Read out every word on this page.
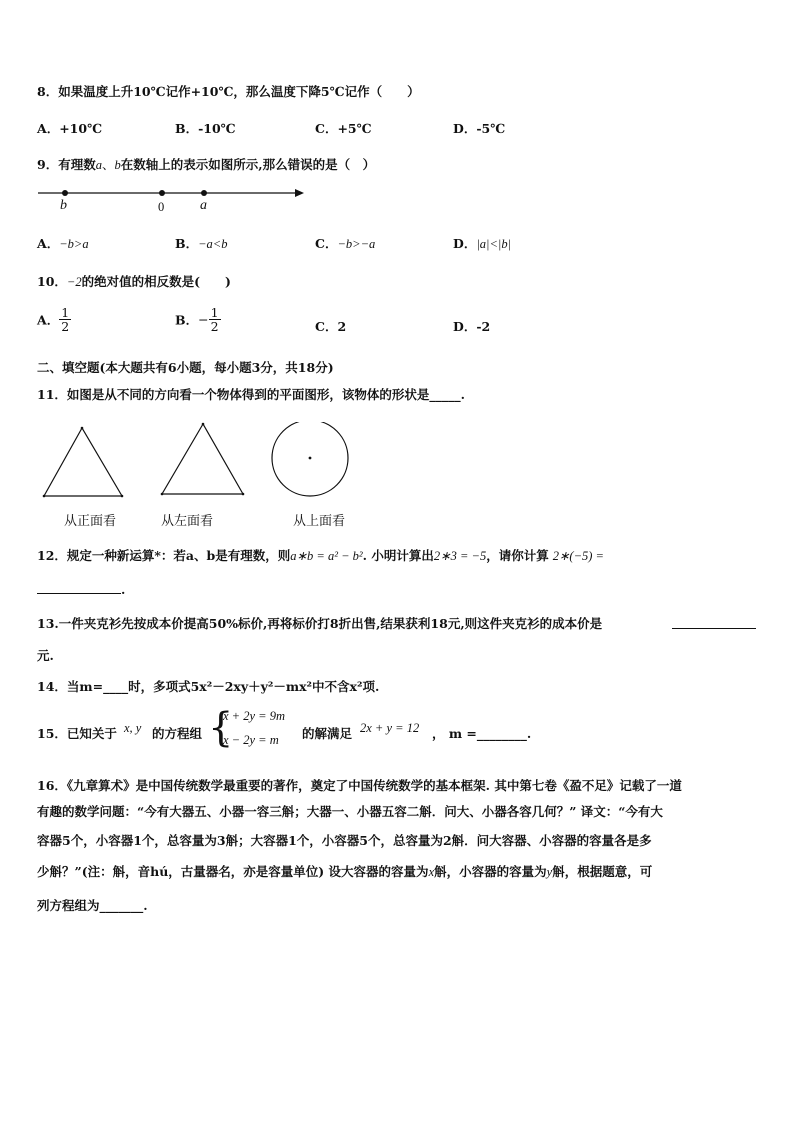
8．如果温度上升10℃记作+10℃，那么温度下降5℃记作（　　）
A．+10℃	B．-10℃	C．+5℃	D．-5℃
9．有理数a、b在数轴上的表示如图所示,那么错误的是（　）
b	0	a
A．−b>a	B．−a<b	C．−b>−a	D．|a|<|b|
10．−2的绝对值的相反数是(　　)
A． $\frac{1}{2}$	B．− $\frac{1}{2}$	C．2	D．-2
二、填空题(本大题共有6小题，每小题3分，共18分)
11．如图是从不同的方向看一个物体得到的平面图形，该物体的形状是_____.
从正面看	从左面看	从上面看
12．规定一种新运算*：若a、b是有理数，则a∗b = a² − b². 小明计算出2∗3 = −5，请你计算 2∗(−5) =
.
13.一件夹克衫先按成本价提高50%标价,再将标价打8折出售,结果获利18元,则这件夹克衫的成本价是
元.
14．当m=____时，多项式5x²－2xy＋y²－mx²中不含x²项.
15．已知关于 x, y 的方程组 {
x + 2y = 9m
x − 2y = m 的解满足 2x + y = 12 ， m =________.
16．《九章算术》是中国传统数学最重要的著作，奠定了中国传统数学的基本框架. 其中第七卷《盈不足》记载了一道
有趣的数学问题：“今有大器五、小器一容三斛；大器一、小器五容二斛．问大、小器各容几何？” 译文：“今有大
容器5个，小容器1个，总容量为3斛；大容器1个，小容器5个，总容量为2斛．问大容器、小容器的容量各是多
少斛？”(注：斛，音hú，古量器名，亦是容量单位) 设大容器的容量为x斛，小容器的容量为y斛，根据题意，可
列方程组为_______.
